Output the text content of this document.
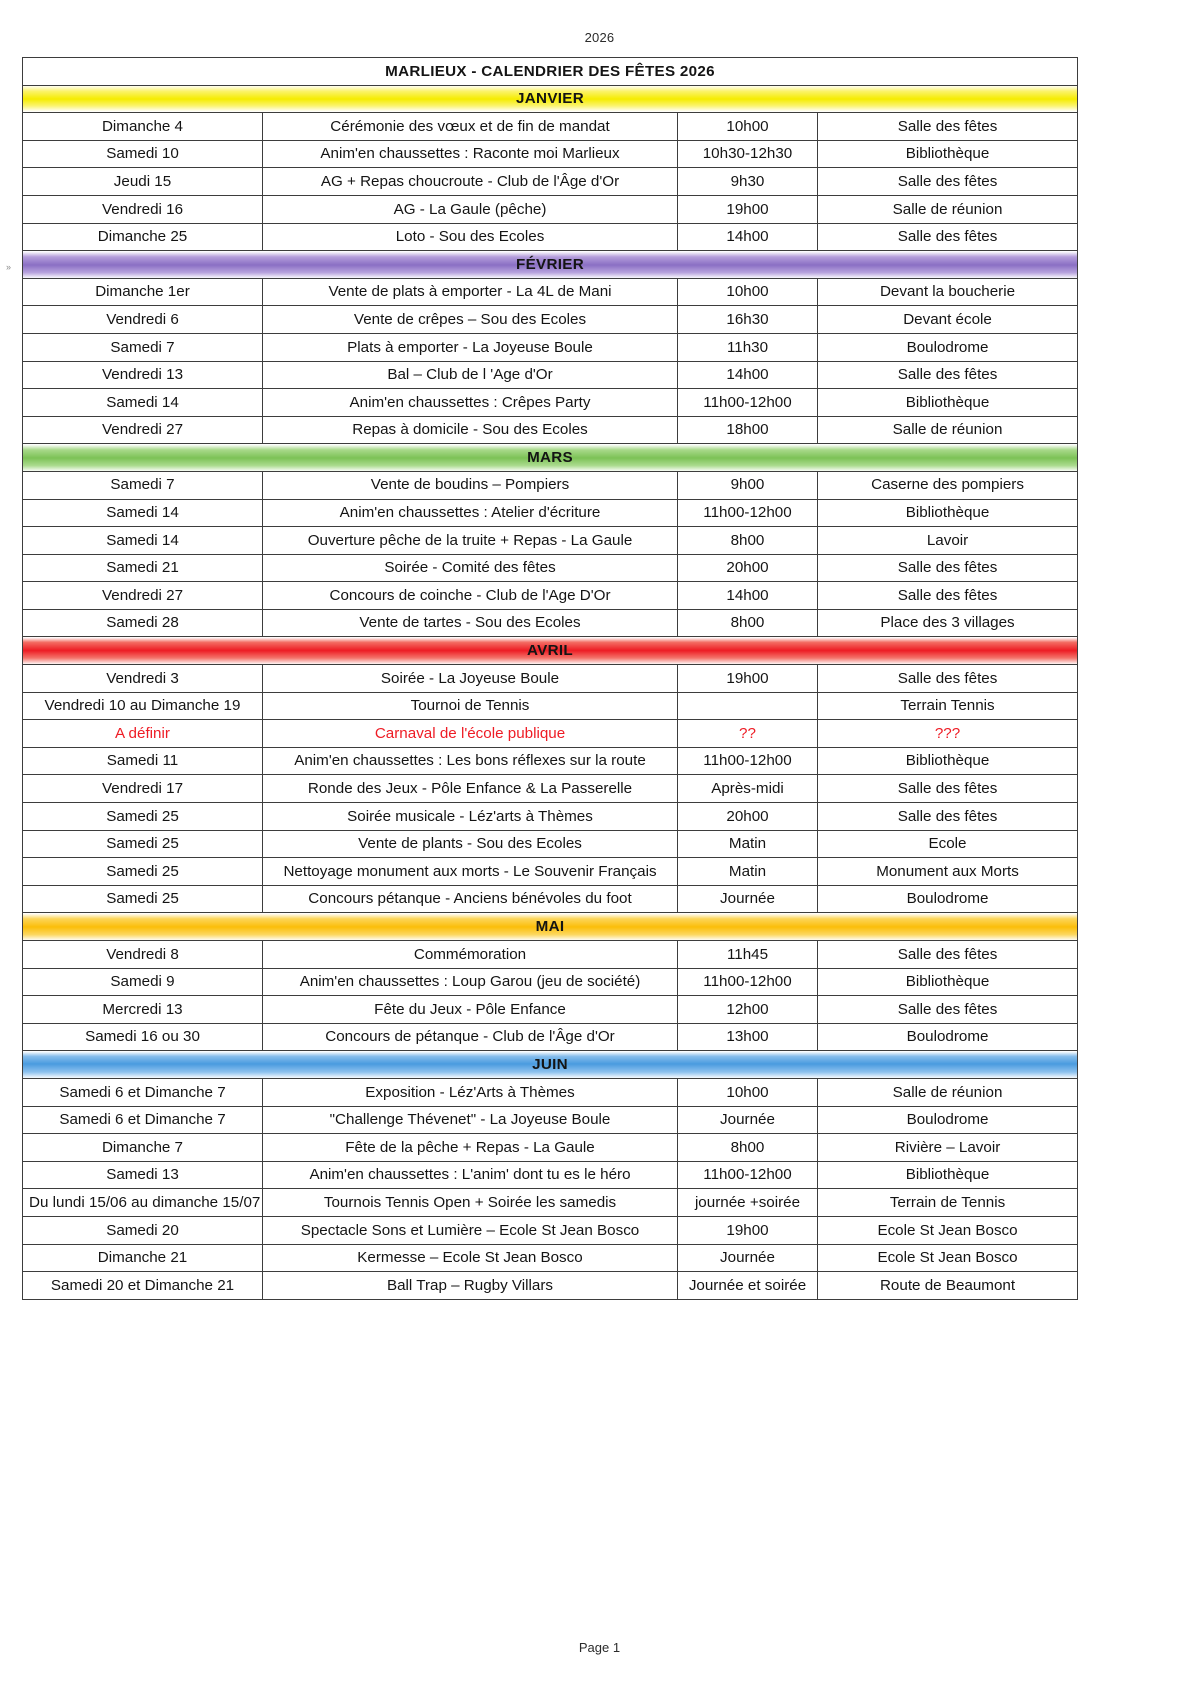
2026
»
MARLIEUX - CALENDRIER DES FÊTES 2026			
JANVIER			
Dimanche 4	Cérémonie des vœux et de fin de mandat	10h00	Salle des fêtes
Samedi 10	Anim'en chaussettes : Raconte moi Marlieux	10h30-12h30	Bibliothèque
Jeudi 15	AG + Repas choucroute - Club de l'Âge d'Or	9h30	Salle des fêtes
Vendredi 16	AG - La Gaule (pêche)	19h00	Salle de réunion
Dimanche 25	Loto - Sou des Ecoles	14h00	Salle des fêtes
FÉVRIER			
Dimanche 1er	Vente de plats à emporter - La 4L de Mani	10h00	Devant la boucherie
Vendredi 6	Vente de crêpes – Sou des Ecoles	16h30	Devant école
Samedi 7	Plats à emporter - La Joyeuse Boule	11h30	Boulodrome
Vendredi 13	Bal – Club de l 'Age d'Or	14h00	Salle des fêtes
Samedi 14	Anim'en chaussettes : Crêpes Party	11h00-12h00	Bibliothèque
Vendredi 27	Repas à domicile - Sou des Ecoles	18h00	Salle de réunion
MARS			
Samedi 7	Vente de boudins – Pompiers	9h00	Caserne des pompiers
Samedi 14	Anim'en chaussettes : Atelier d'écriture	11h00-12h00	Bibliothèque
Samedi 14	Ouverture pêche de la truite + Repas - La Gaule	8h00	Lavoir
Samedi 21	Soirée - Comité des fêtes	20h00	Salle des fêtes
Vendredi 27	Concours de coinche - Club de l'Age D'Or	14h00	Salle des fêtes
Samedi 28	Vente de tartes - Sou des Ecoles	8h00	Place des 3 villages
AVRIL			
Vendredi 3	Soirée - La Joyeuse Boule	19h00	Salle des fêtes
Vendredi 10 au Dimanche 19	Tournoi de Tennis		Terrain Tennis
A définir	Carnaval de l'école publique	??	???
Samedi 11	Anim'en chaussettes : Les bons réflexes sur la route	11h00-12h00	Bibliothèque
Vendredi 17	Ronde des Jeux - Pôle Enfance & La Passerelle	Après-midi	Salle des fêtes
Samedi 25	Soirée musicale - Léz'arts à Thèmes	20h00	Salle des fêtes
Samedi 25	Vente de plants - Sou des Ecoles	Matin	Ecole
Samedi 25	Nettoyage monument aux morts - Le Souvenir Français	Matin	Monument aux Morts
Samedi 25	Concours pétanque - Anciens bénévoles du foot	Journée	Boulodrome
MAI			
Vendredi 8	Commémoration	11h45	Salle des fêtes
Samedi 9	Anim'en chaussettes : Loup Garou (jeu de société)	11h00-12h00	Bibliothèque
Mercredi 13	Fête du Jeux - Pôle Enfance	12h00	Salle des fêtes
Samedi 16 ou 30	Concours de pétanque - Club de l'Âge d'Or	13h00	Boulodrome
JUIN			
Samedi 6 et Dimanche 7	Exposition - Léz'Arts à Thèmes	10h00	Salle de réunion
Samedi 6 et Dimanche 7	"Challenge Thévenet" - La Joyeuse Boule	Journée	Boulodrome
Dimanche 7	Fête de la pêche + Repas - La Gaule	8h00	Rivière – Lavoir
Samedi 13	Anim'en chaussettes : L'anim' dont tu es le héro	11h00-12h00	Bibliothèque
Du lundi 15/06 au dimanche 15/07	Tournois Tennis Open + Soirée les samedis	journée +soirée	Terrain de Tennis
Samedi 20	Spectacle Sons et Lumière – Ecole St Jean Bosco	19h00	Ecole St Jean Bosco
Dimanche 21	Kermesse – Ecole St Jean Bosco	Journée	Ecole St Jean Bosco
Samedi 20 et Dimanche 21	Ball Trap – Rugby Villars	Journée et soirée	Route de Beaumont
Page 1
